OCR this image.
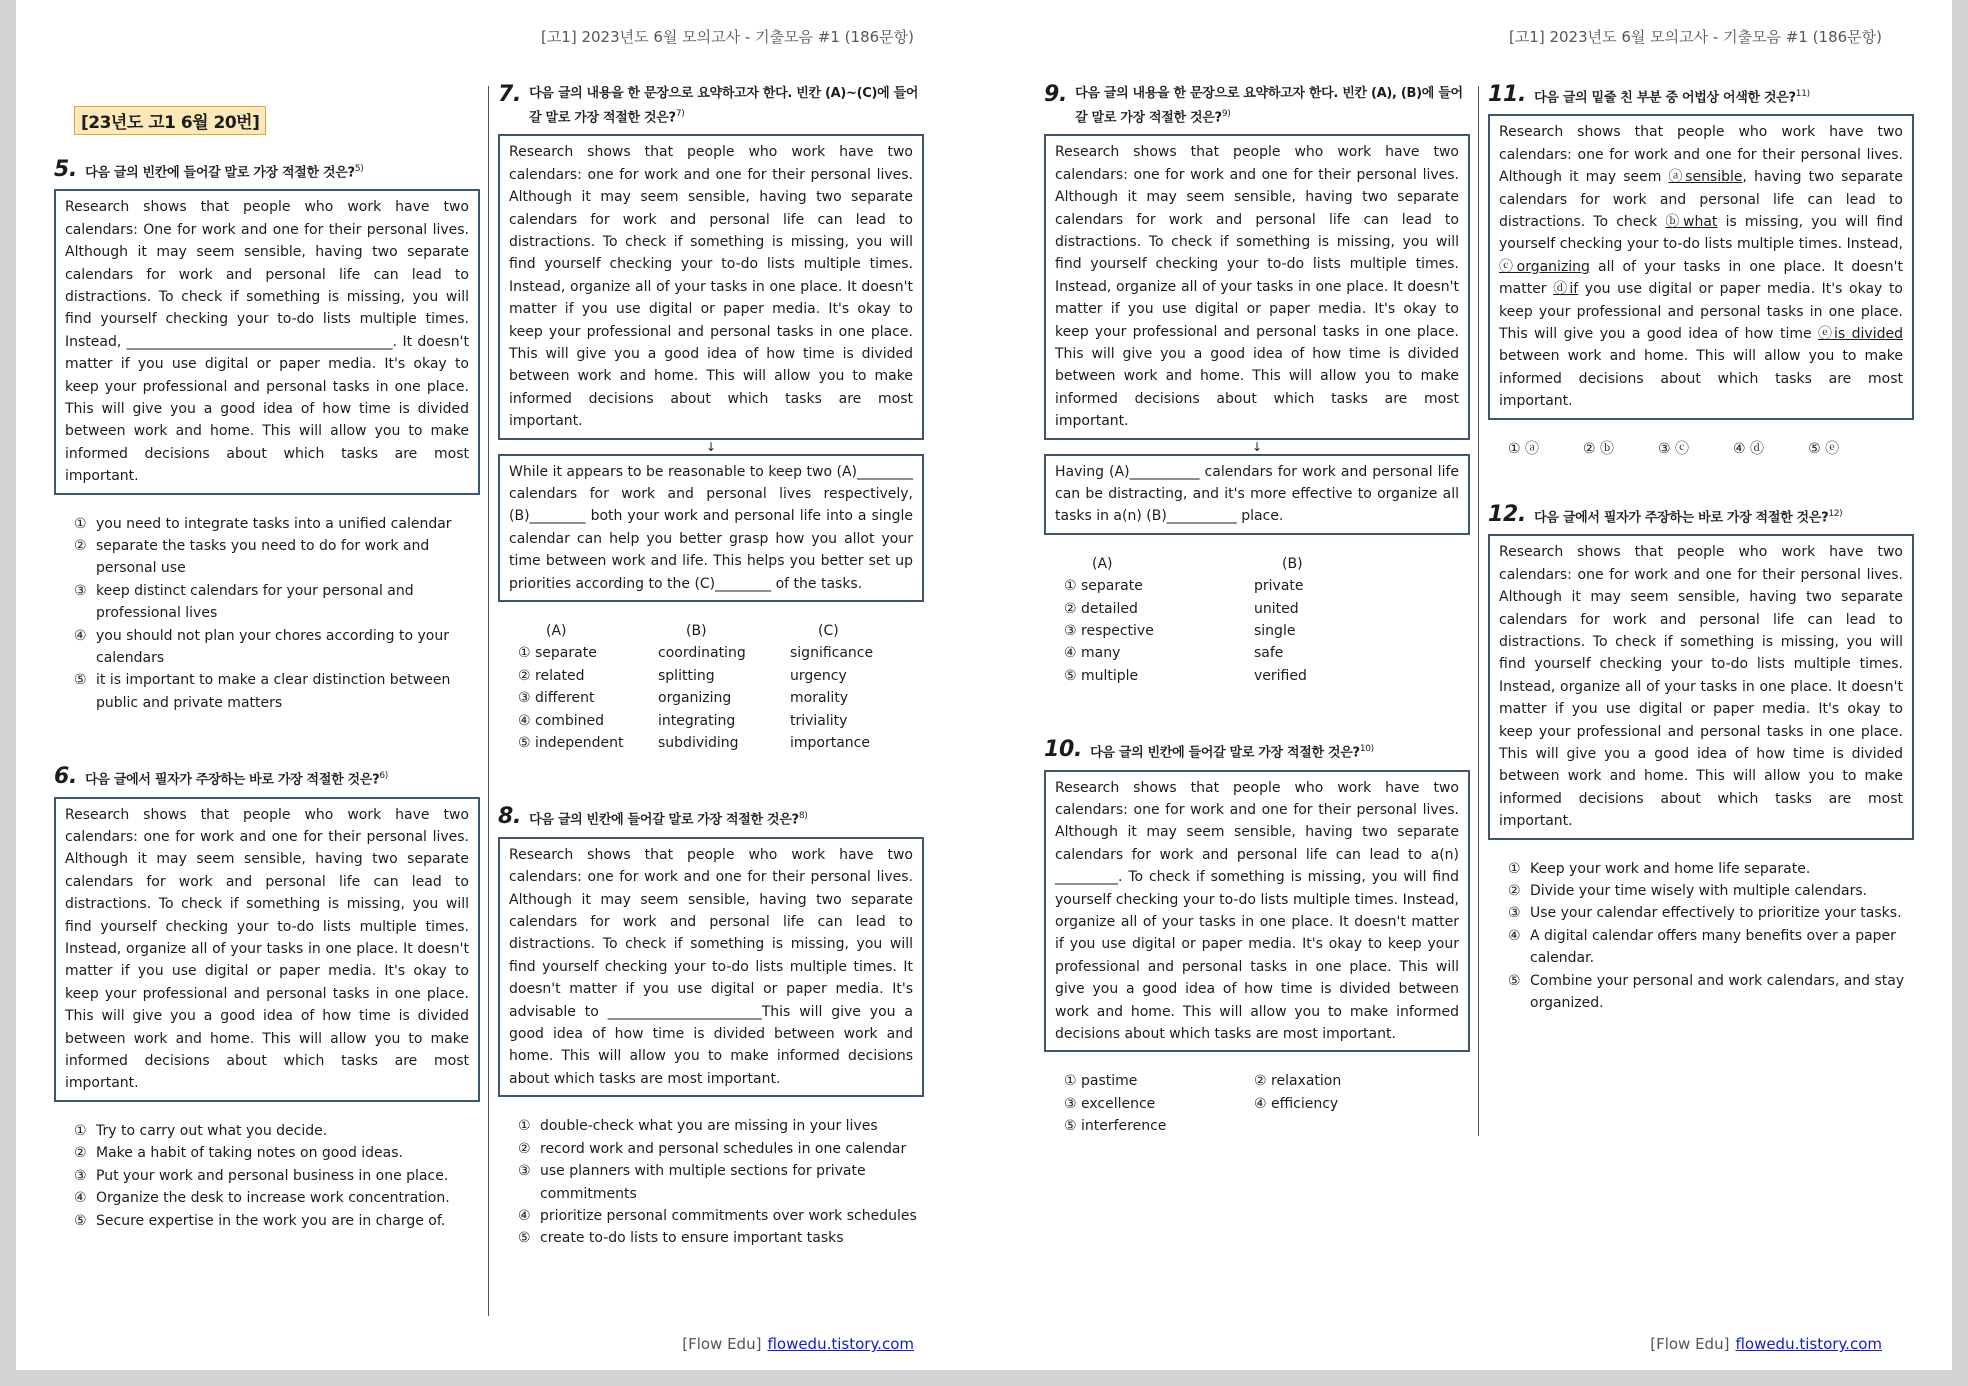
[고1] 2023년도 6월 모의고사 - 기출모음 #1 (186문항)
[23년도 고1 6월 20번]
5. 다음 글의 빈칸에 들어갈 말로 가장 적절한 것은?$^{5)}$
Research shows that people who work have two calendars: One for work and one for their personal lives. Although it may seem sensible, having two separate calendars for work and personal life can lead to distractions. To check if something is missing, you will find yourself checking your to-do lists multiple times. Instead, ______________________________________. It doesn't matter if you use digital or paper media. It's okay to keep your professional and personal tasks in one place. This will give you a good idea of how time is divided between work and home. This will allow you to make informed decisions about which tasks are most important.
① you need to integrate tasks into a unified calendar
② separate the tasks you need to do for work and personal use
③ keep distinct calendars for your personal and professional lives
④ you should not plan your chores according to your calendars
⑤ it is important to make a clear distinction between public and private matters
6. 다음 글에서 필자가 주장하는 바로 가장 적절한 것은?$^{6)}$
Research shows that people who work have two calendars: one for work and one for their personal lives. Although it may seem sensible, having two separate calendars for work and personal life can lead to distractions. To check if something is missing, you will find yourself checking your to-do lists multiple times. Instead, organize all of your tasks in one place. It doesn't matter if you use digital or paper media. It's okay to keep your professional and personal tasks in one place. This will give you a good idea of how time is divided between work and home. This will allow you to make informed decisions about which tasks are most important.
① Try to carry out what you decide.
② Make a habit of taking notes on good ideas.
③ Put your work and personal business in one place.
④ Organize the desk to increase work concentration.
⑤ Secure expertise in the work you are in charge of.
7. 다음 글의 내용을 한 문장으로 요약하고자 한다. 빈칸 (A)~(C)에 들어갈 말로 가장 적절한 것은?$^{7)}$
Research shows that people who work have two calendars: one for work and one for their personal lives. Although it may seem sensible, having two separate calendars for work and personal life can lead to distractions. To check if something is missing, you will find yourself checking your to-do lists multiple times. Instead, organize all of your tasks in one place. It doesn't matter if you use digital or paper media. It's okay to keep your professional and personal tasks in one place. This will give you a good idea of how time is divided between work and home. This will allow you to make informed decisions about which tasks are most important.
↓
While it appears to be reasonable to keep two (A)________ calendars for work and personal lives respectively, (B)________ both your work and personal life into a single calendar can help you better grasp how you allot your time between work and life. This helps you better set up priorities according to the (C)________ of the tasks.
(A)	(B)	(C)
① separate	coordinating	significance
② related	splitting	urgency
③ different	organizing	morality
④ combined	integrating	triviality
⑤ independent	subdividing	importance
8. 다음 글의 빈칸에 들어갈 말로 가장 적절한 것은?$^{8)}$
Research shows that people who work have two calendars: one for work and one for their personal lives. Although it may seem sensible, having two separate calendars for work and personal life can lead to distractions. To check if something is missing, you will find yourself checking your to-do lists multiple times. It doesn't matter if you use digital or paper media. It's advisable to ______________________This will give you a good idea of how time is divided between work and home. This will allow you to make informed decisions about which tasks are most important.
① double-check what you are missing in your lives
② record work and personal schedules in one calendar
③ use planners with multiple sections for private commitments
④ prioritize personal commitments over work schedules
⑤ create to-do lists to ensure important tasks
[Flow Edu] flowedu.tistory.com
[고1] 2023년도 6월 모의고사 - 기출모음 #1 (186문항)
9. 다음 글의 내용을 한 문장으로 요약하고자 한다. 빈칸 (A), (B)에 들어갈 말로 가장 적절한 것은?$^{9)}$
Research shows that people who work have two calendars: one for work and one for their personal lives. Although it may seem sensible, having two separate calendars for work and personal life can lead to distractions. To check if something is missing, you will find yourself checking your to-do lists multiple times. Instead, organize all of your tasks in one place. It doesn't matter if you use digital or paper media. It's okay to keep your professional and personal tasks in one place. This will give you a good idea of how time is divided between work and home. This will allow you to make informed decisions about which tasks are most important.
↓
Having (A)__________ calendars for work and personal life can be distracting, and it's more effective to organize all tasks in a(n) (B)__________ place.
(A)	(B)
① separate	private
② detailed	united
③ respective	single
④ many	safe
⑤ multiple	verified
10. 다음 글의 빈칸에 들어갈 말로 가장 적절한 것은?$^{10)}$
Research shows that people who work have two calendars: one for work and one for their personal lives. Although it may seem sensible, having two separate calendars for work and personal life can lead to a(n) _________. To check if something is missing, you will find yourself checking your to-do lists multiple times. Instead, organize all of your tasks in one place. It doesn't matter if you use digital or paper media. It's okay to keep your professional and personal tasks in one place. This will give you a good idea of how time is divided between work and home. This will allow you to make informed decisions about which tasks are most important.
① pastime	② relaxation
③ excellence	④ efficiency
⑤ interference
11. 다음 글의 밑줄 친 부분 중 어법상 어색한 것은?$^{11)}$
Research shows that people who work have two calendars: one for work and one for their personal lives. Although it may seem ⓐsensible, having two separate calendars for work and personal life can lead to distractions. To check ⓑwhat is missing, you will find yourself checking your to-do lists multiple times. Instead, ⓒorganizing all of your tasks in one place. It doesn't matter ⓓif you use digital or paper media. It's okay to keep your professional and personal tasks in one place. This will give you a good idea of how time ⓔis divided between work and home. This will allow you to make informed decisions about which tasks are most important.
① ⓐ	② ⓑ	③ ⓒ	④ ⓓ	⑤ ⓔ
12. 다음 글에서 필자가 주장하는 바로 가장 적절한 것은?$^{12)}$
Research shows that people who work have two calendars: one for work and one for their personal lives. Although it may seem sensible, having two separate calendars for work and personal life can lead to distractions. To check if something is missing, you will find yourself checking your to-do lists multiple times. Instead, organize all of your tasks in one place. It doesn't matter if you use digital or paper media. It's okay to keep your professional and personal tasks in one place. This will give you a good idea of how time is divided between work and home. This will allow you to make informed decisions about which tasks are most important.
① Keep your work and home life separate.
② Divide your time wisely with multiple calendars.
③ Use your calendar effectively to prioritize your tasks.
④ A digital calendar offers many benefits over a paper calendar.
⑤ Combine your personal and work calendars, and stay organized.
[Flow Edu] flowedu.tistory.com
